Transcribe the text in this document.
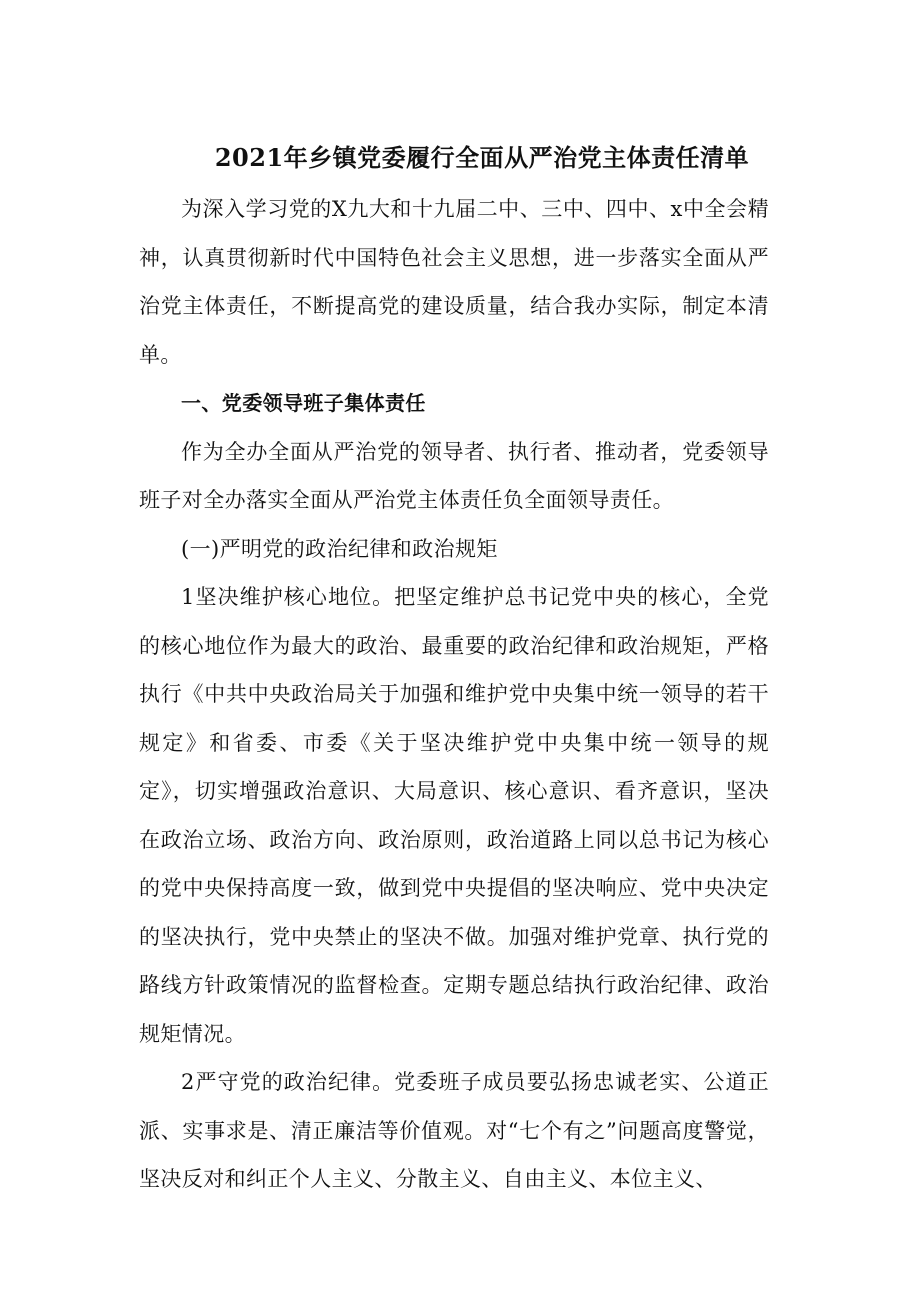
2021年乡镇党委履行全面从严治党主体责任清单

为深入学习党的X九大和十九届二中、三中、四中、x中全会精神，认真贯彻新时代中国特色社会主义思想，进一步落实全面从严治党主体责任，不断提高党的建设质量，结合我办实际，制定本清单。

一、党委领导班子集体责任

作为全办全面从严治党的领导者、执行者、推动者，党委领导班子对全办落实全面从严治党主体责任负全面领导责任。

(一)严明党的政治纪律和政治规矩

1坚决维护核心地位。把坚定维护总书记党中央的核心，全党的核心地位作为最大的政治、最重要的政治纪律和政治规矩，严格执行《中共中央政治局关于加强和维护党中央集中统一领导的若干规定》和省委、市委《关于坚决维护党中央集中统一领导的规定》，切实增强政治意识、大局意识、核心意识、看齐意识，坚决在政治立场、政治方向、政治原则，政治道路上同以总书记为核心的党中央保持高度一致，做到党中央提倡的坚决响应、党中央决定的坚决执行，党中央禁止的坚决不做。加强对维护党章、执行党的路线方针政策情况的监督检查。定期专题总结执行政治纪律、政治规矩情况。

2严守党的政治纪律。党委班子成员要弘扬忠诚老实、公道正派、实事求是、清正廉洁等价值观。对“七个有之”问题高度警觉，坚决反对和纠正个人主义、分散主义、自由主义、本位主义、
